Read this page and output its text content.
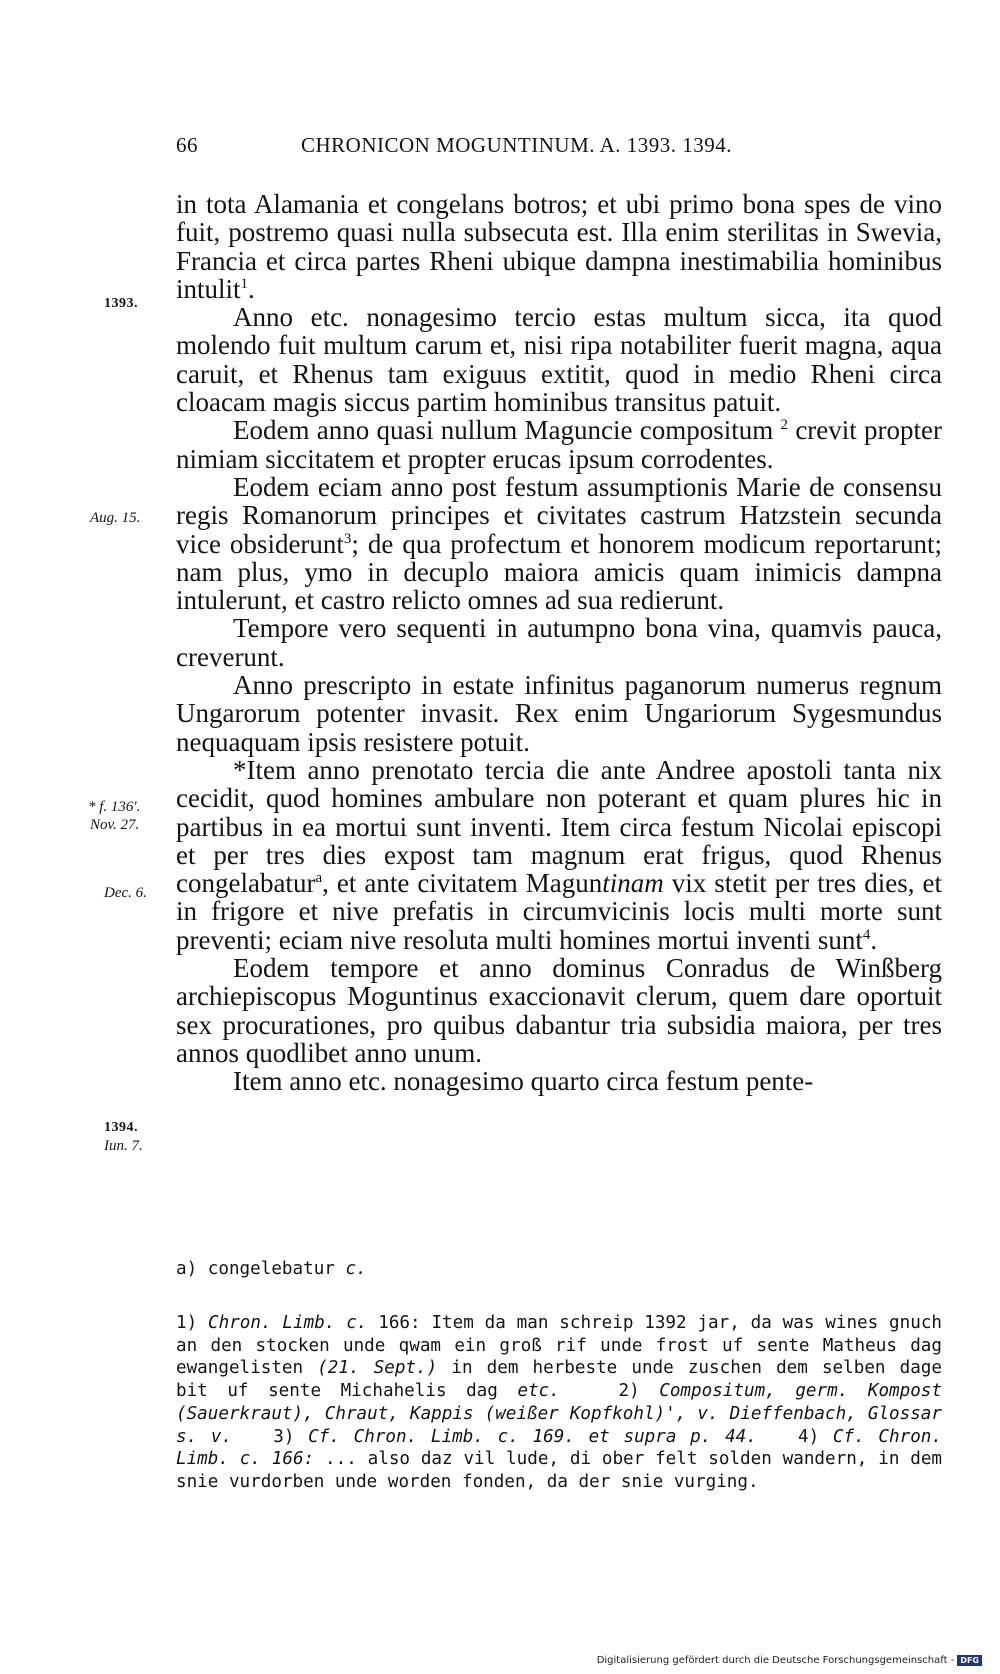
66	CHRONICON MOGUNTINUM. A. 1393. 1394.
1393.
Aug. 15.
* f. 136'.
Nov. 27.
Dec. 6.
1394.
Iun. 7.

in tota Alamania et congelans botros; et ubi primo bona spes de vino fuit, postremo quasi nulla subsecuta est. Illa enim sterilitas in Swevia, Francia et circa partes Rheni ubique dampna inestimabilia hominibus intulit$^1$.

Anno etc. nonagesimo tercio estas multum sicca, ita quod molendo fuit multum carum et, nisi ripa notabiliter fuerit magna, aqua caruit, et Rhenus tam exiguus extitit, quod in medio Rheni circa cloacam magis siccus partim hominibus transitus patuit.

Eodem anno quasi nullum Maguncie compositum $^2$ crevit propter nimiam siccitatem et propter erucas ipsum corrodentes.

Eodem eciam anno post festum assumptionis Marie de consensu regis Romanorum principes et civitates castrum Hatzstein secunda vice obsiderunt$^3$; de qua profectum et honorem modicum reportarunt; nam plus, ymo in decuplo maiora amicis quam inimicis dampna intulerunt, et castro relicto omnes ad sua redierunt.

Tempore vero sequenti in autumpno bona vina, quamvis pauca, creverunt.

Anno prescripto in estate infinitus paganorum numerus regnum Ungarorum potenter invasit. Rex enim Ungariorum Sygesmundus nequaquam ipsis resistere potuit.

*Item anno prenotato tercia die ante Andree apostoli tanta nix cecidit, quod homines ambulare non poterant et quam plures hic in partibus in ea mortui sunt inventi. Item circa festum Nicolai episcopi et per tres dies expost tam magnum erat frigus, quod Rhenus congelabatur$^a$, et ante civitatem Maguntinam vix stetit per tres dies, et in frigore et nive prefatis in circumvicinis locis multi morte sunt preventi; eciam nive resoluta multi homines mortui inventi sunt$^4$.

Eodem tempore et anno dominus Conradus de Winßberg archiepiscopus Moguntinus exaccionavit clerum, quem dare oportuit sex procurationes, pro quibus dabantur tria subsidia maiora, per tres annos quodlibet anno unum.

Item anno etc. nonagesimo quarto circa festum pente-

a) congelebatur c.

1) Chron. Limb. c. 166: Item da man schreip 1392 jar, da was wines gnuch an den stocken unde qwam ein groß rif unde frost uf sente Matheus dag ewangelisten (21. Sept.) in dem herbeste unde zuschen dem selben dage bit uf sente Michahelis dag etc.	2) Compositum, germ. Kompost (Sauerkraut), Chraut, Kappis (weißer Kopfkohl)', v. Dieffenbach, Glossar s. v. 3) Cf. Chron. Limb. c. 169. et supra p. 44. 4) Cf. Chron. Limb. c. 166: ... also daz vil lude, di ober felt solden wandern, in dem snie vurdorben unde worden fonden, da der snie vurging.

Digitalisierung gefördert durch die Deutsche Forschungsgemeinschaft - DFG
